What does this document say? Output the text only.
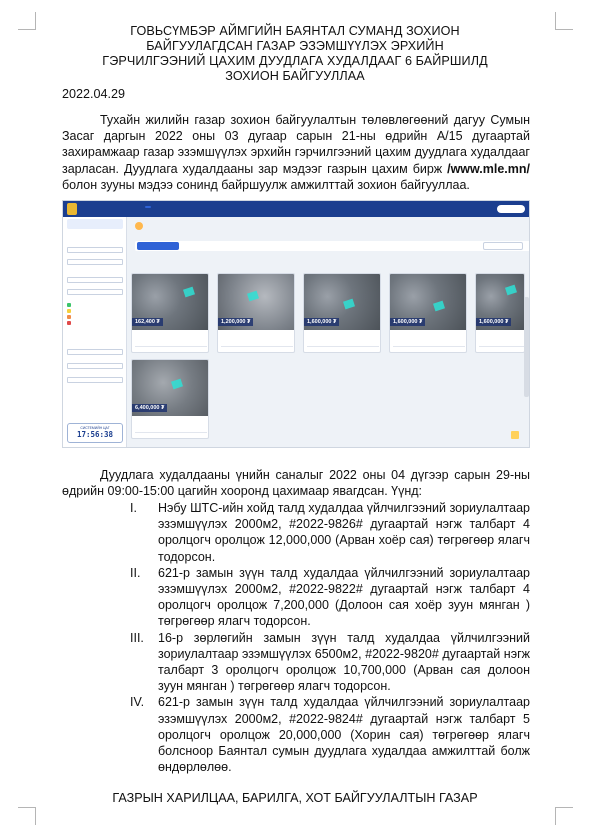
ГОВЬСҮМБЭР АЙМГИЙН БАЯНТАЛ СУМАНД ЗОХИОН
БАЙГУУЛАГДСАН ГАЗАР ЭЗЭМШҮҮЛЭХ ЭРХИЙН
ГЭРЧИЛГЭЭНИЙ ЦАХИМ ДУУДЛАГА ХУДАЛДААГ 6 БАЙРШИЛД
ЗОХИОН БАЙГУУЛЛАА
2022.04.29

Тухайн жилийн газар зохион байгуулалтын төлөвлөгөөний дагуу Сумын Засаг даргын 2022 оны 03 дугаар сарын 21-ны өдрийн А/15 дугаартай захирамжаар газар эзэмшүүлэх эрхийн гэрчилгээний цахим дуудлага худалдааг зарласан. Дуудлага худалдааны зар мэдээг газрын цахим бирж /www.mle.mn/ болон зууны мэдээ сонинд байршуулж амжилттай зохион байгууллаа.

СИСТЕМИЙН ЦАГ
17:56:38
162,400 ₮	1,200,000 ₮	1,600,000 ₮	1,600,000 ₮	1,600,000 ₮
6,400,000 ₮

Дуудлага худалдааны үнийн саналыг 2022 оны 04 дүгээр сарын 29-ны өдрийн 09:00-15:00 цагийн хооронд цахимаар явагдсан. Үүнд:

I. Нэбу ШТС-ийн хойд талд худалдаа үйлчилгээний зориулалтаар эзэмшүүлэх 2000м2, #2022-9826# дугаартай нэгж талбарт 4 оролцогч оролцож 12,000,000 (Арван хоёр сая) төгрөгөөр ялагч тодорсон.
II. 621-р замын зүүн талд худалдаа үйлчилгээний зориулалтаар эзэмшүүлэх 2000м2, #2022-9822# дугаартай нэгж талбарт 4 оролцогч оролцож 7,200,000 (Долоон сая хоёр зуун мянган ) төгрөгөөр ялагч тодорсон.
III. 16-р зөрлөгийн замын зүүн талд худалдаа үйлчилгээний зориулалтаар эзэмшүүлэх 6500м2, #2022-9820# дугаартай нэгж талбарт 3 оролцогч оролцож 10,700,000 (Арван сая долоон зуун мянган ) төгрөгөөр ялагч тодорсон.
IV. 621-р замын зүүн талд худалдаа үйлчилгээний зориулалтаар эзэмшүүлэх 2000м2, #2022-9824# дугаартай нэгж талбарт 5 оролцогч оролцож 20,000,000 (Хорин сая) төгрөгөөр ялагч болсноор Баянтал сумын дуудлага худалдаа амжилттай болж өндөрлөлөө.
ГАЗРЫН ХАРИЛЦАА, БАРИЛГА, ХОТ БАЙГУУЛАЛТЫН ГАЗАР
